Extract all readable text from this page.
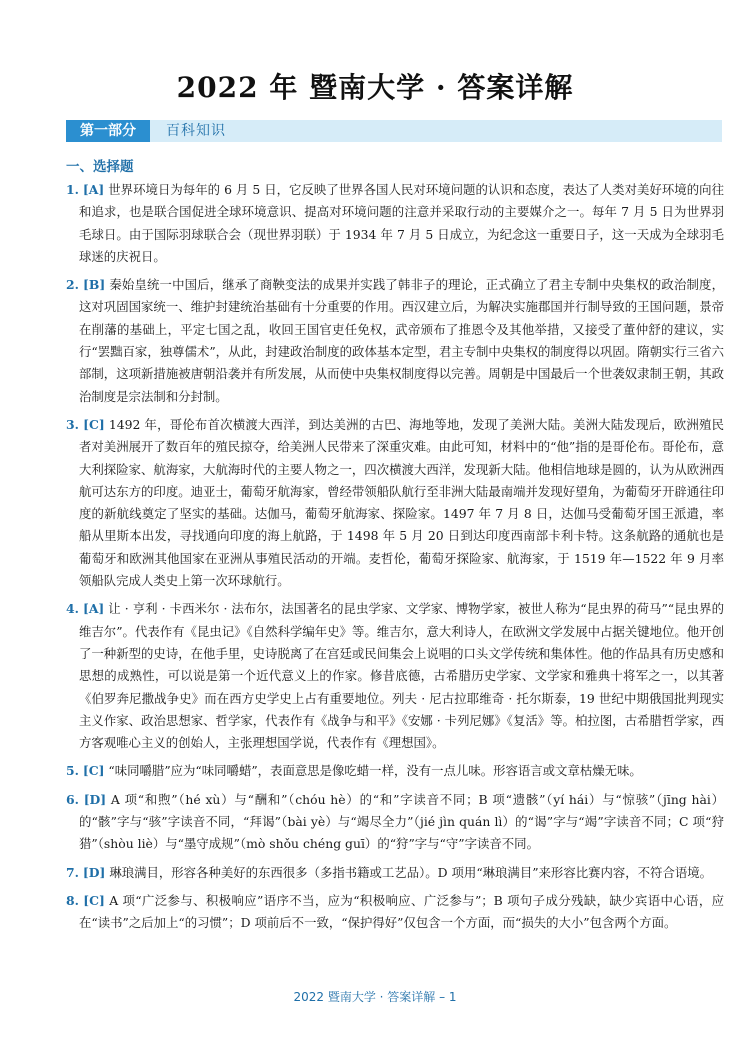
2022 年 暨南大学 · 答案详解
第一部分	百科知识
一、选择题

1. [A] 世界环境日为每年的 6 月 5 日，它反映了世界各国人民对环境问题的认识和态度，表达了人类对美好环境的向往和追求，也是联合国促进全球环境意识、提高对环境问题的注意并采取行动的主要媒介之一。每年 7 月 5 日为世界羽毛球日。由于国际羽球联合会（现世界羽联）于 1934 年 7 月 5 日成立，为纪念这一重要日子，这一天成为全球羽毛球迷的庆祝日。

2. [B] 秦始皇统一中国后，继承了商鞅变法的成果并实践了韩非子的理论，正式确立了君主专制中央集权的政治制度，这对巩固国家统一、维护封建统治基础有十分重要的作用。西汉建立后，为解决实施郡国并行制导致的王国问题，景帝在削藩的基础上，平定七国之乱，收回王国官吏任免权，武帝颁布了推恩令及其他举措，又接受了董仲舒的建议，实行“罢黜百家，独尊儒术”，从此，封建政治制度的政体基本定型，君主专制中央集权的制度得以巩固。隋朝实行三省六部制，这项新措施被唐朝沿袭并有所发展，从而使中央集权制度得以完善。周朝是中国最后一个世袭奴隶制王朝，其政治制度是宗法制和分封制。

3. [C] 1492 年，哥伦布首次横渡大西洋，到达美洲的古巴、海地等地，发现了美洲大陆。美洲大陆发现后，欧洲殖民者对美洲展开了数百年的殖民掠夺，给美洲人民带来了深重灾难。由此可知，材料中的“他”指的是哥伦布。哥伦布，意大利探险家、航海家，大航海时代的主要人物之一，四次横渡大西洋，发现新大陆。他相信地球是圆的，认为从欧洲西航可达东方的印度。迪亚士，葡萄牙航海家，曾经带领船队航行至非洲大陆最南端并发现好望角，为葡萄牙开辟通往印度的新航线奠定了坚实的基础。达伽马，葡萄牙航海家、探险家。1497 年 7 月 8 日，达伽马受葡萄牙国王派遣，率船从里斯本出发，寻找通向印度的海上航路，于 1498 年 5 月 20 日到达印度西南部卡利卡特。这条航路的通航也是葡萄牙和欧洲其他国家在亚洲从事殖民活动的开端。麦哲伦，葡萄牙探险家、航海家，于 1519 年—1522 年 9 月率领船队完成人类史上第一次环球航行。

4. [A] 让 · 亨利 · 卡西米尔 · 法布尔，法国著名的昆虫学家、文学家、博物学家，被世人称为“昆虫界的荷马”“昆虫界的维吉尔”。代表作有《昆虫记》《自然科学编年史》等。维吉尔，意大利诗人，在欧洲文学发展中占据关键地位。他开创了一种新型的史诗，在他手里，史诗脱离了在宫廷或民间集会上说唱的口头文学传统和集体性。他的作品具有历史感和思想的成熟性，可以说是第一个近代意义上的作家。修昔底德，古希腊历史学家、文学家和雅典十将军之一，以其著《伯罗奔尼撒战争史》而在西方史学史上占有重要地位。列夫 · 尼古拉耶维奇 · 托尔斯泰，19 世纪中期俄国批判现实主义作家、政治思想家、哲学家，代表作有《战争与和平》《安娜 · 卡列尼娜》《复活》等。柏拉图，古希腊哲学家，西方客观唯心主义的创始人，主张理想国学说，代表作有《理想国》。

5. [C] “味同嚼腊”应为“味同嚼蜡”，表面意思是像吃蜡一样，没有一点儿味。形容语言或文章枯燥无味。

6. [D] A 项“和煦”（hé xù）与“酬和”（chóu hè）的“和”字读音不同；B 项“遗骸”（yí hái）与“惊骇”（jīng hài）的“骸”字与“骇”字读音不同，“拜谒”（bài yè）与“竭尽全力”（jié jìn quán lì）的“谒”字与“竭”字读音不同；C 项“狩猎”（shòu liè）与“墨守成规”（mò shǒu chéng guī）的“狩”字与“守”字读音不同。

7. [D] 琳琅满目，形容各种美好的东西很多（多指书籍或工艺品）。D 项用“琳琅满目”来形容比赛内容，不符合语境。

8. [C] A 项“广泛参与、积极响应”语序不当，应为“积极响应、广泛参与”；B 项句子成分残缺，缺少宾语中心语，应在“读书”之后加上“的习惯”；D 项前后不一致，“保护得好”仅包含一个方面，而“损失的大小”包含两个方面。

2022 暨南大学 · 答案详解 – 1
